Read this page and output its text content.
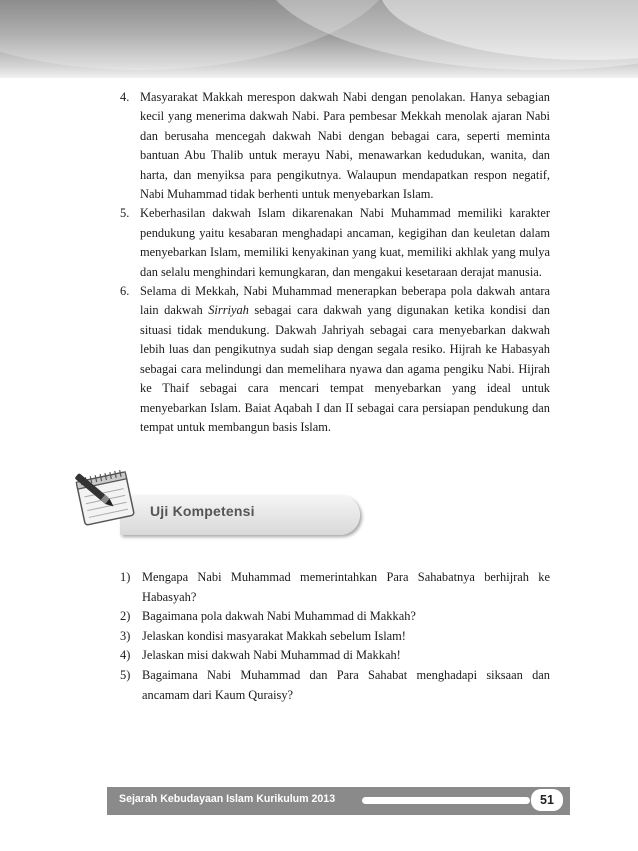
4. Masyarakat Makkah merespon dakwah Nabi dengan penolakan. Hanya sebagian kecil yang menerima dakwah Nabi. Para pembesar Mekkah menolak ajaran Nabi dan berusaha mencegah dakwah Nabi dengan bebagai cara, seperti meminta bantuan Abu Thalib untuk merayu Nabi, menawarkan kedudukan, wanita, dan harta, dan menyiksa para pengikutnya. Walaupun mendapatkan respon negatif, Nabi Muhammad tidak berhenti untuk menyebarkan Islam.
5. Keberhasilan dakwah Islam dikarenakan Nabi Muhammad memiliki karakter pendukung yaitu kesabaran menghadapi ancaman, kegigihan dan keuletan dalam menyebarkan Islam, memiliki kenyakinan yang kuat, memiliki akhlak yang mulya dan selalu menghindari kemungkaran, dan mengakui kesetaraan derajat manusia.
6. Selama di Mekkah, Nabi Muhammad menerapkan beberapa pola dakwah antara lain dakwah Sirriyah sebagai cara dakwah yang digunakan ketika kondisi dan situasi tidak mendukung. Dakwah Jahriyah sebagai cara menyebarkan dakwah lebih luas dan pengikutnya sudah siap dengan segala resiko. Hijrah ke Habasyah sebagai cara melindungi dan memelihara nyawa dan agama pengiku Nabi. Hijrah ke Thaif sebagai cara mencari tempat menyebarkan yang ideal untuk menyebarkan Islam. Baiat Aqabah I dan II sebagai cara persiapan pendukung dan tempat untuk membangun basis Islam.
Uji Kompetensi
1) Mengapa Nabi Muhammad memerintahkan Para Sahabatnya berhijrah ke Habasyah?
2) Bagaimana pola dakwah Nabi Muhammad di Makkah?
3) Jelaskan kondisi masyarakat Makkah sebelum Islam!
4) Jelaskan misi dakwah Nabi Muhammad di Makkah!
5) Bagaimana Nabi Muhammad dan Para Sahabat menghadapi siksaan dan ancamam dari Kaum Quraisy?
Sejarah Kebudayaan Islam Kurikulum 2013	51
